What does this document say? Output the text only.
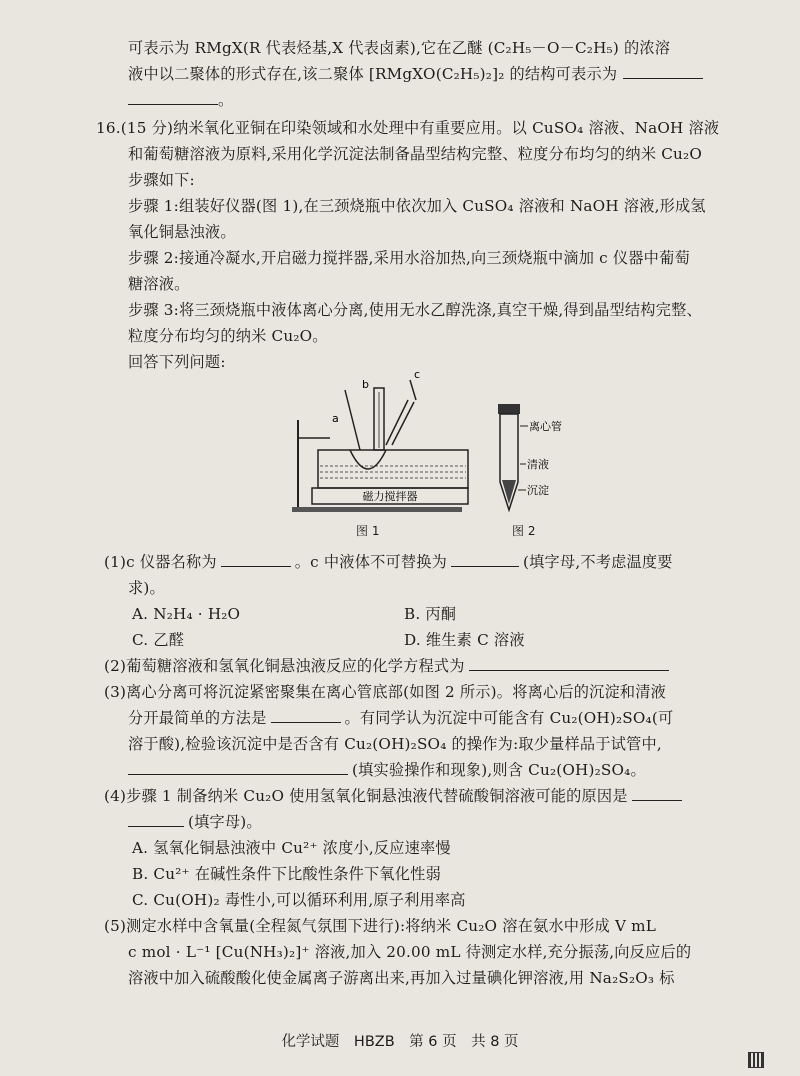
可表示为 RMgX(R 代表烃基,X 代表卤素),它在乙醚 (C₂H₅－O－C₂H₅) 的浓溶
液中以二聚体的形式存在,该二聚体 [RMgXO(C₂H₅)₂]₂ 的结构可表示为
。
16.(15 分)纳米氧化亚铜在印染领域和水处理中有重要应用。以 CuSO₄ 溶液、NaOH 溶液
和葡萄糖溶液为原料,采用化学沉淀法制备晶型结构完整、粒度分布均匀的纳米 Cu₂O
步骤如下:
步骤 1:组装好仪器(图 1),在三颈烧瓶中依次加入 CuSO₄ 溶液和 NaOH 溶液,形成氢
氧化铜悬浊液。
步骤 2:接通冷凝水,开启磁力搅拌器,采用水浴加热,向三颈烧瓶中滴加 c 仪器中葡萄
糖溶液。
步骤 3:将三颈烧瓶中液体离心分离,使用无水乙醇洗涤,真空干燥,得到晶型结构完整、
粒度分布均匀的纳米 Cu₂O。
回答下列问题:
磁力搅拌器
a
b
c
图 1
离心管
清液
沉淀
图 2
(1)c 仪器名称为	。c 中液体不可替换为	(填字母,不考虑温度要
求)。
A. N₂H₄ · H₂O	B. 丙酮
C. 乙醛	D. 维生素 C 溶液
(2)葡萄糖溶液和氢氧化铜悬浊液反应的化学方程式为
(3)离心分离可将沉淀紧密聚集在离心管底部(如图 2 所示)。将离心后的沉淀和清液
分开最简单的方法是	。有同学认为沉淀中可能含有 Cu₂(OH)₂SO₄(可
溶于酸),检验该沉淀中是否含有 Cu₂(OH)₂SO₄ 的操作为:取少量样品于试管中,
(填实验操作和现象),则含 Cu₂(OH)₂SO₄。
(4)步骤 1 制备纳米 Cu₂O 使用氢氧化铜悬浊液代替硫酸铜溶液可能的原因是
(填字母)。
A. 氢氧化铜悬浊液中 Cu²⁺ 浓度小,反应速率慢
B. Cu²⁺ 在碱性条件下比酸性条件下氧化性弱
C. Cu(OH)₂ 毒性小,可以循环利用,原子利用率高
(5)测定水样中含氧量(全程氮气氛围下进行):将纳米 Cu₂O 溶在氨水中形成 V mL
c mol · L⁻¹ [Cu(NH₃)₂]⁺ 溶液,加入 20.00 mL 待测定水样,充分振荡,向反应后的
溶液中加入硫酸酸化使金属离子游离出来,再加入过量碘化钾溶液,用 Na₂S₂O₃ 标
化学试题　HBZB　第 6 页　共 8 页
